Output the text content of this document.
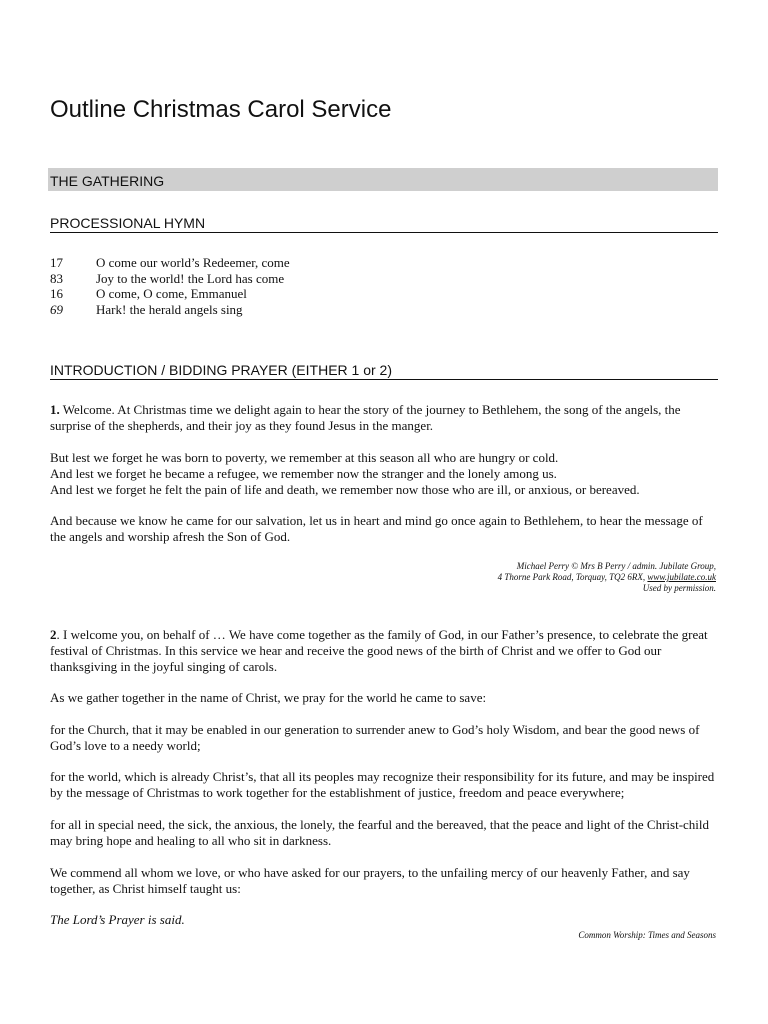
Outline Christmas Carol Service
THE GATHERING
PROCESSIONAL HYMN
17	O come our world’s Redeemer, come
83	Joy to the world! the Lord has come
16	O come, O come, Emmanuel
69	Hark! the herald angels sing
INTRODUCTION / BIDDING PRAYER (EITHER 1 or 2)

1. Welcome. At Christmas time we delight again to hear the story of the journey to Bethlehem, the song of the angels, the surprise of the shepherds, and their joy as they found Jesus in the manger.

But lest we forget he was born to poverty, we remember at this season all who are hungry or cold.

And lest we forget he became a refugee, we remember now the stranger and the lonely among us.

And lest we forget he felt the pain of life and death, we remember now those who are ill, or anxious, or bereaved.

And because we know he came for our salvation, let us in heart and mind go once again to Bethlehem, to hear the message of the angels and worship afresh the Son of God.

Michael Perry © Mrs B Perry / admin. Jubilate Group,
4 Thorne Park Road, Torquay, TQ2 6RX, www.jubilate.co.uk
Used by permission.

2. I welcome you, on behalf of … We have come together as the family of God, in our Father’s presence, to celebrate the great festival of Christmas. In this service we hear and receive the good news of the birth of Christ and we offer to God our thanksgiving in the joyful singing of carols.

As we gather together in the name of Christ, we pray for the world he came to save:

for the Church, that it may be enabled in our generation to surrender anew to God’s holy Wisdom, and bear the good news of God’s love to a needy world;

for the world, which is already Christ’s, that all its peoples may recognize their responsibility for its future, and may be inspired by the message of Christmas to work together for the establishment of justice, freedom and peace everywhere;

for all in special need, the sick, the anxious, the lonely, the fearful and the bereaved, that the peace and light of the Christ-child may bring hope and healing to all who sit in darkness.

We commend all whom we love, or who have asked for our prayers, to the unfailing mercy of our heavenly Father, and say together, as Christ himself taught us:

The Lord’s Prayer is said.
Common Worship: Times and Seasons
